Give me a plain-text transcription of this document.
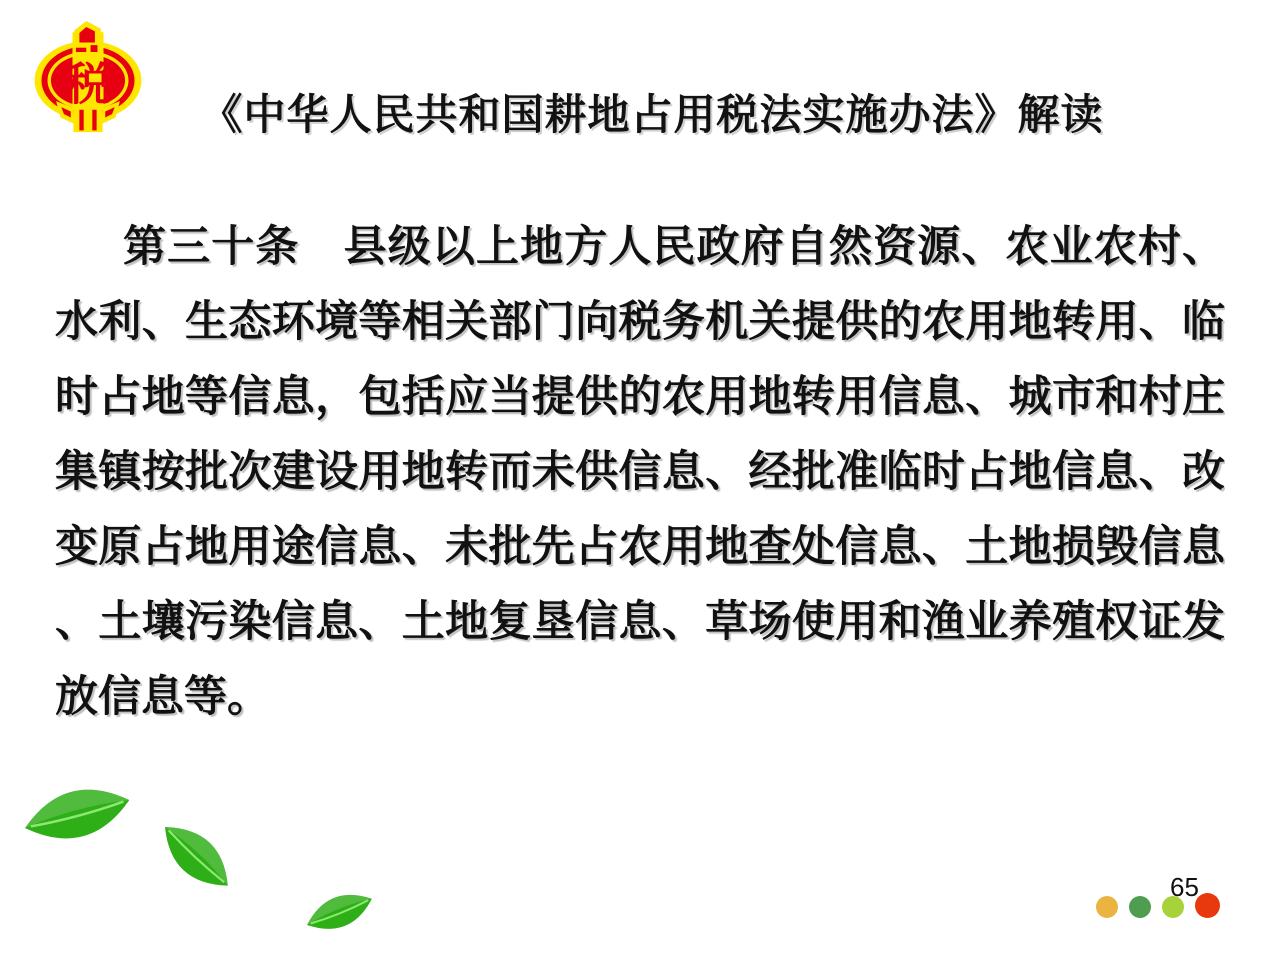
税
《中华人民共和国耕地占用税法实施办法》解读
第三十条　县级以上地方人民政府自然资源、农业农村、
水利、生态环境等相关部门向税务机关提供的农用地转用、临
时占地等信息，包括应当提供的农用地转用信息、城市和村庄
集镇按批次建设用地转而未供信息、经批准临时占地信息、改
变原占地用途信息、未批先占农用地查处信息、土地损毁信息
、土壤污染信息、土地复垦信息、草场使用和渔业养殖权证发
放信息等。
65
